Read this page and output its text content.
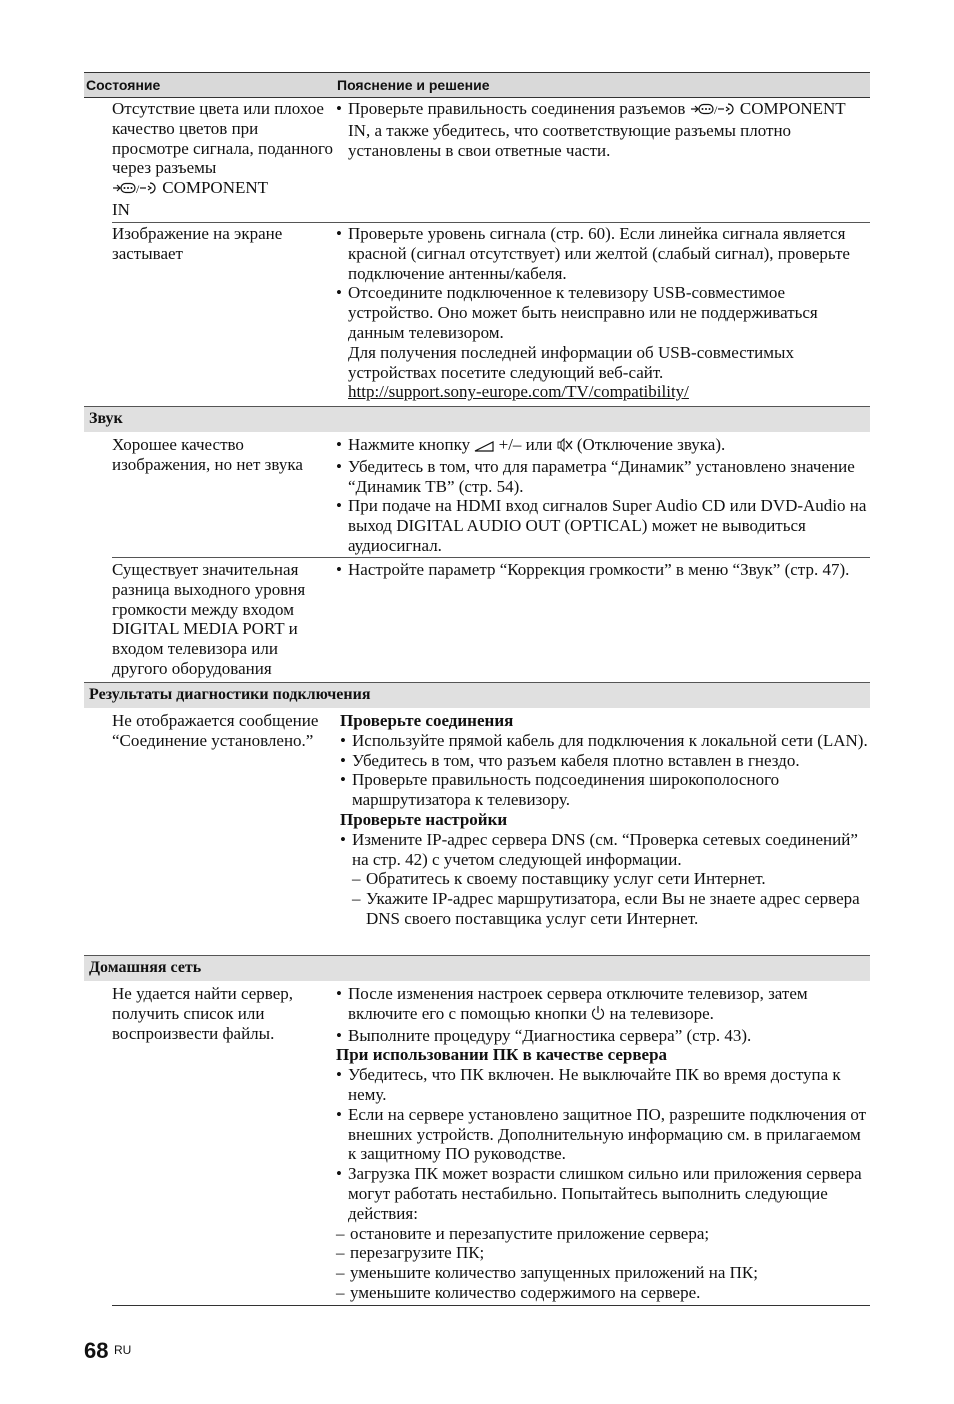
Состояние	Пояснение и решение
Отсутствие цвета или плохое качество цветов при просмотре сигнала, поданного через разъемы

/ COMPONENT
IN
• Проверьте правильность соединения разъемов / COMPONENT IN, а также убедитесь, что соответствующие разъемы плотно установлены в свои ответные части.
Изображение на экране застывает
• Проверьте уровень сигнала (стр. 60). Если линейка сигнала является красной (сигнал отсутствует) или желтой (слабый сигнал), проверьте подключение антенны/кабеля.
• Отсоедините подключенное к телевизору USB-совместимое устройство. Оно может быть неисправно или не поддерживаться данным телевизором.
Для получения последней информации об USB-совместимых устройствах посетите следующий веб-сайт.
http://support.sony-europe.com/TV/compatibility/
Звук
Хорошее качество изображения, но нет звука
• Нажмите кнопку +/– или (Отключение звука).
• Убедитесь в том, что для параметра “Динамик” установлено значение “Динамик ТВ” (стр. 54).
• При подаче на HDMI вход сигналов Super Audio CD или DVD-Audio на выход DIGITAL AUDIO OUT (OPTICAL) может не выводиться аудиосигнал.
Существует значительная разница выходного уровня громкости между входом DIGITAL MEDIA PORT и входом телевизора или другого оборудования
• Настройте параметр “Коррекция громкости” в меню “Звук” (стр. 47).
Результаты диагностики подключения
Не отображается сообщение “Соединение установлено.”
Проверьте соединения
• Используйте прямой кабель для подключения к локальной сети (LAN).
• Убедитесь в том, что разъем кабеля плотно вставлен в гнездо.
• Проверьте правильность подсоединения широкополосного маршрутизатора к телевизору.
Проверьте настройки
• Измените IP-адрес сервера DNS (см. “Проверка сетевых соединений” на стр. 42) с учетом следующей информации.
– Обратитесь к своему поставщику услуг сети Интернет.
– Укажите IP-адрес маршрутизатора, если Вы не знаете адрес сервера DNS своего поставщика услуг сети Интернет.
Домашняя сеть
Не удается найти сервер, получить список или воспроизвести файлы.
• После изменения настроек сервера отключите телевизор, затем включите его с помощью кнопки на телевизоре.
• Выполните процедуру “Диагностика сервера” (стр. 43).
При использовании ПК в качестве сервера
• Убедитесь, что ПК включен. Не выключайте ПК во время доступа к нему.
• Если на сервере установлено защитное ПО, разрешите подключения от внешних устройств. Дополнительную информацию см. в прилагаемом к защитному ПО руководстве.
• Загрузка ПК может возрасти слишком сильно или приложения сервера могут работать нестабильно. Попытайтесь выполнить следующие действия:
– остановите и перезапустите приложение сервера;
– перезагрузите ПК;
– уменьшите количество запущенных приложений на ПК;
– уменьшите количество содержимого на сервере.
68 RU
